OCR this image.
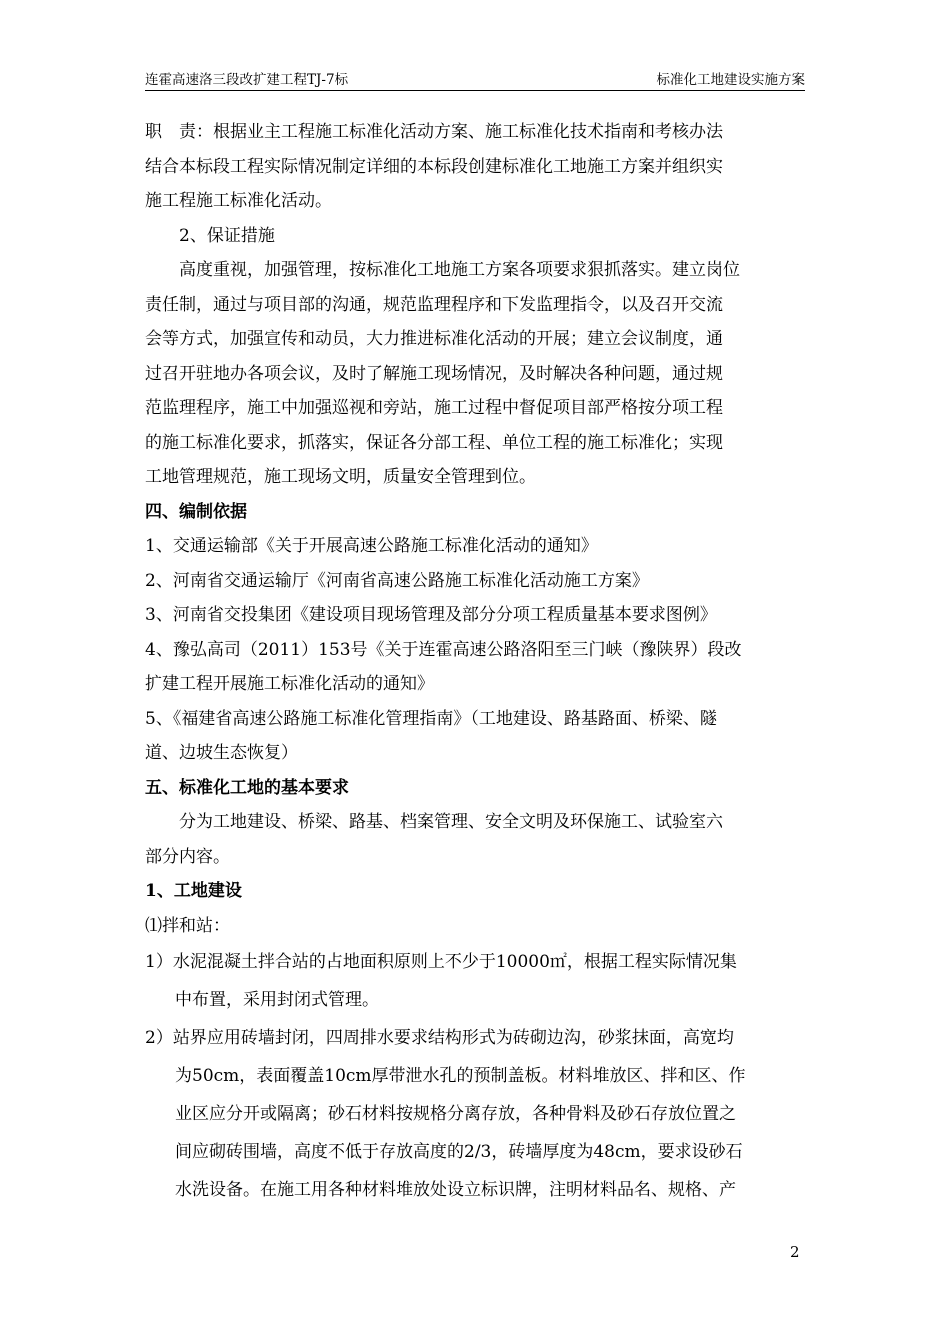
连霍高速洛三段改扩建工程TJ-7标	标准化工地建设实施方案

职　责：根据业主工程施工标准化活动方案、施工标准化技术指南和考核办法

结合本标段工程实际情况制定详细的本标段创建标准化工地施工方案并组织实

施工程施工标准化活动。

2、保证措施

高度重视，加强管理，按标准化工地施工方案各项要求狠抓落实。建立岗位

责任制，通过与项目部的沟通，规范监理程序和下发监理指令，以及召开交流

会等方式，加强宣传和动员，大力推进标准化活动的开展；建立会议制度，通

过召开驻地办各项会议，及时了解施工现场情况，及时解决各种问题，通过规

范监理程序，施工中加强巡视和旁站，施工过程中督促项目部严格按分项工程

的施工标准化要求，抓落实，保证各分部工程、单位工程的施工标准化；实现

工地管理规范，施工现场文明，质量安全管理到位。

四、编制依据

1、交通运输部《关于开展高速公路施工标准化活动的通知》

2、河南省交通运输厅《河南省高速公路施工标准化活动施工方案》

3、河南省交投集团《建设项目现场管理及部分分项工程质量基本要求图例》

4、豫弘高司（2011）153号《关于连霍高速公路洛阳至三门峡（豫陕界）段改

扩建工程开展施工标准化活动的通知》

5、《福建省高速公路施工标准化管理指南》（工地建设、路基路面、桥梁、隧

道、边坡生态恢复）

五、标准化工地的基本要求

分为工地建设、桥梁、路基、档案管理、安全文明及环保施工、试验室六

部分内容。

1、工地建设

⑴拌和站：

1）水泥混凝土拌合站的占地面积原则上不少于10000㎡，根据工程实际情况集

中布置，采用封闭式管理。

2）站界应用砖墙封闭，四周排水要求结构形式为砖砌边沟，砂浆抹面，高宽均

为50cm，表面覆盖10cm厚带泄水孔的预制盖板。材料堆放区、拌和区、作

业区应分开或隔离；砂石材料按规格分离存放，各种骨料及砂石存放位置之

间应砌砖围墙，高度不低于存放高度的2/3，砖墙厚度为48cm，要求设砂石

水洗设备。在施工用各种材料堆放处设立标识牌，注明材料品名、规格、产

2
